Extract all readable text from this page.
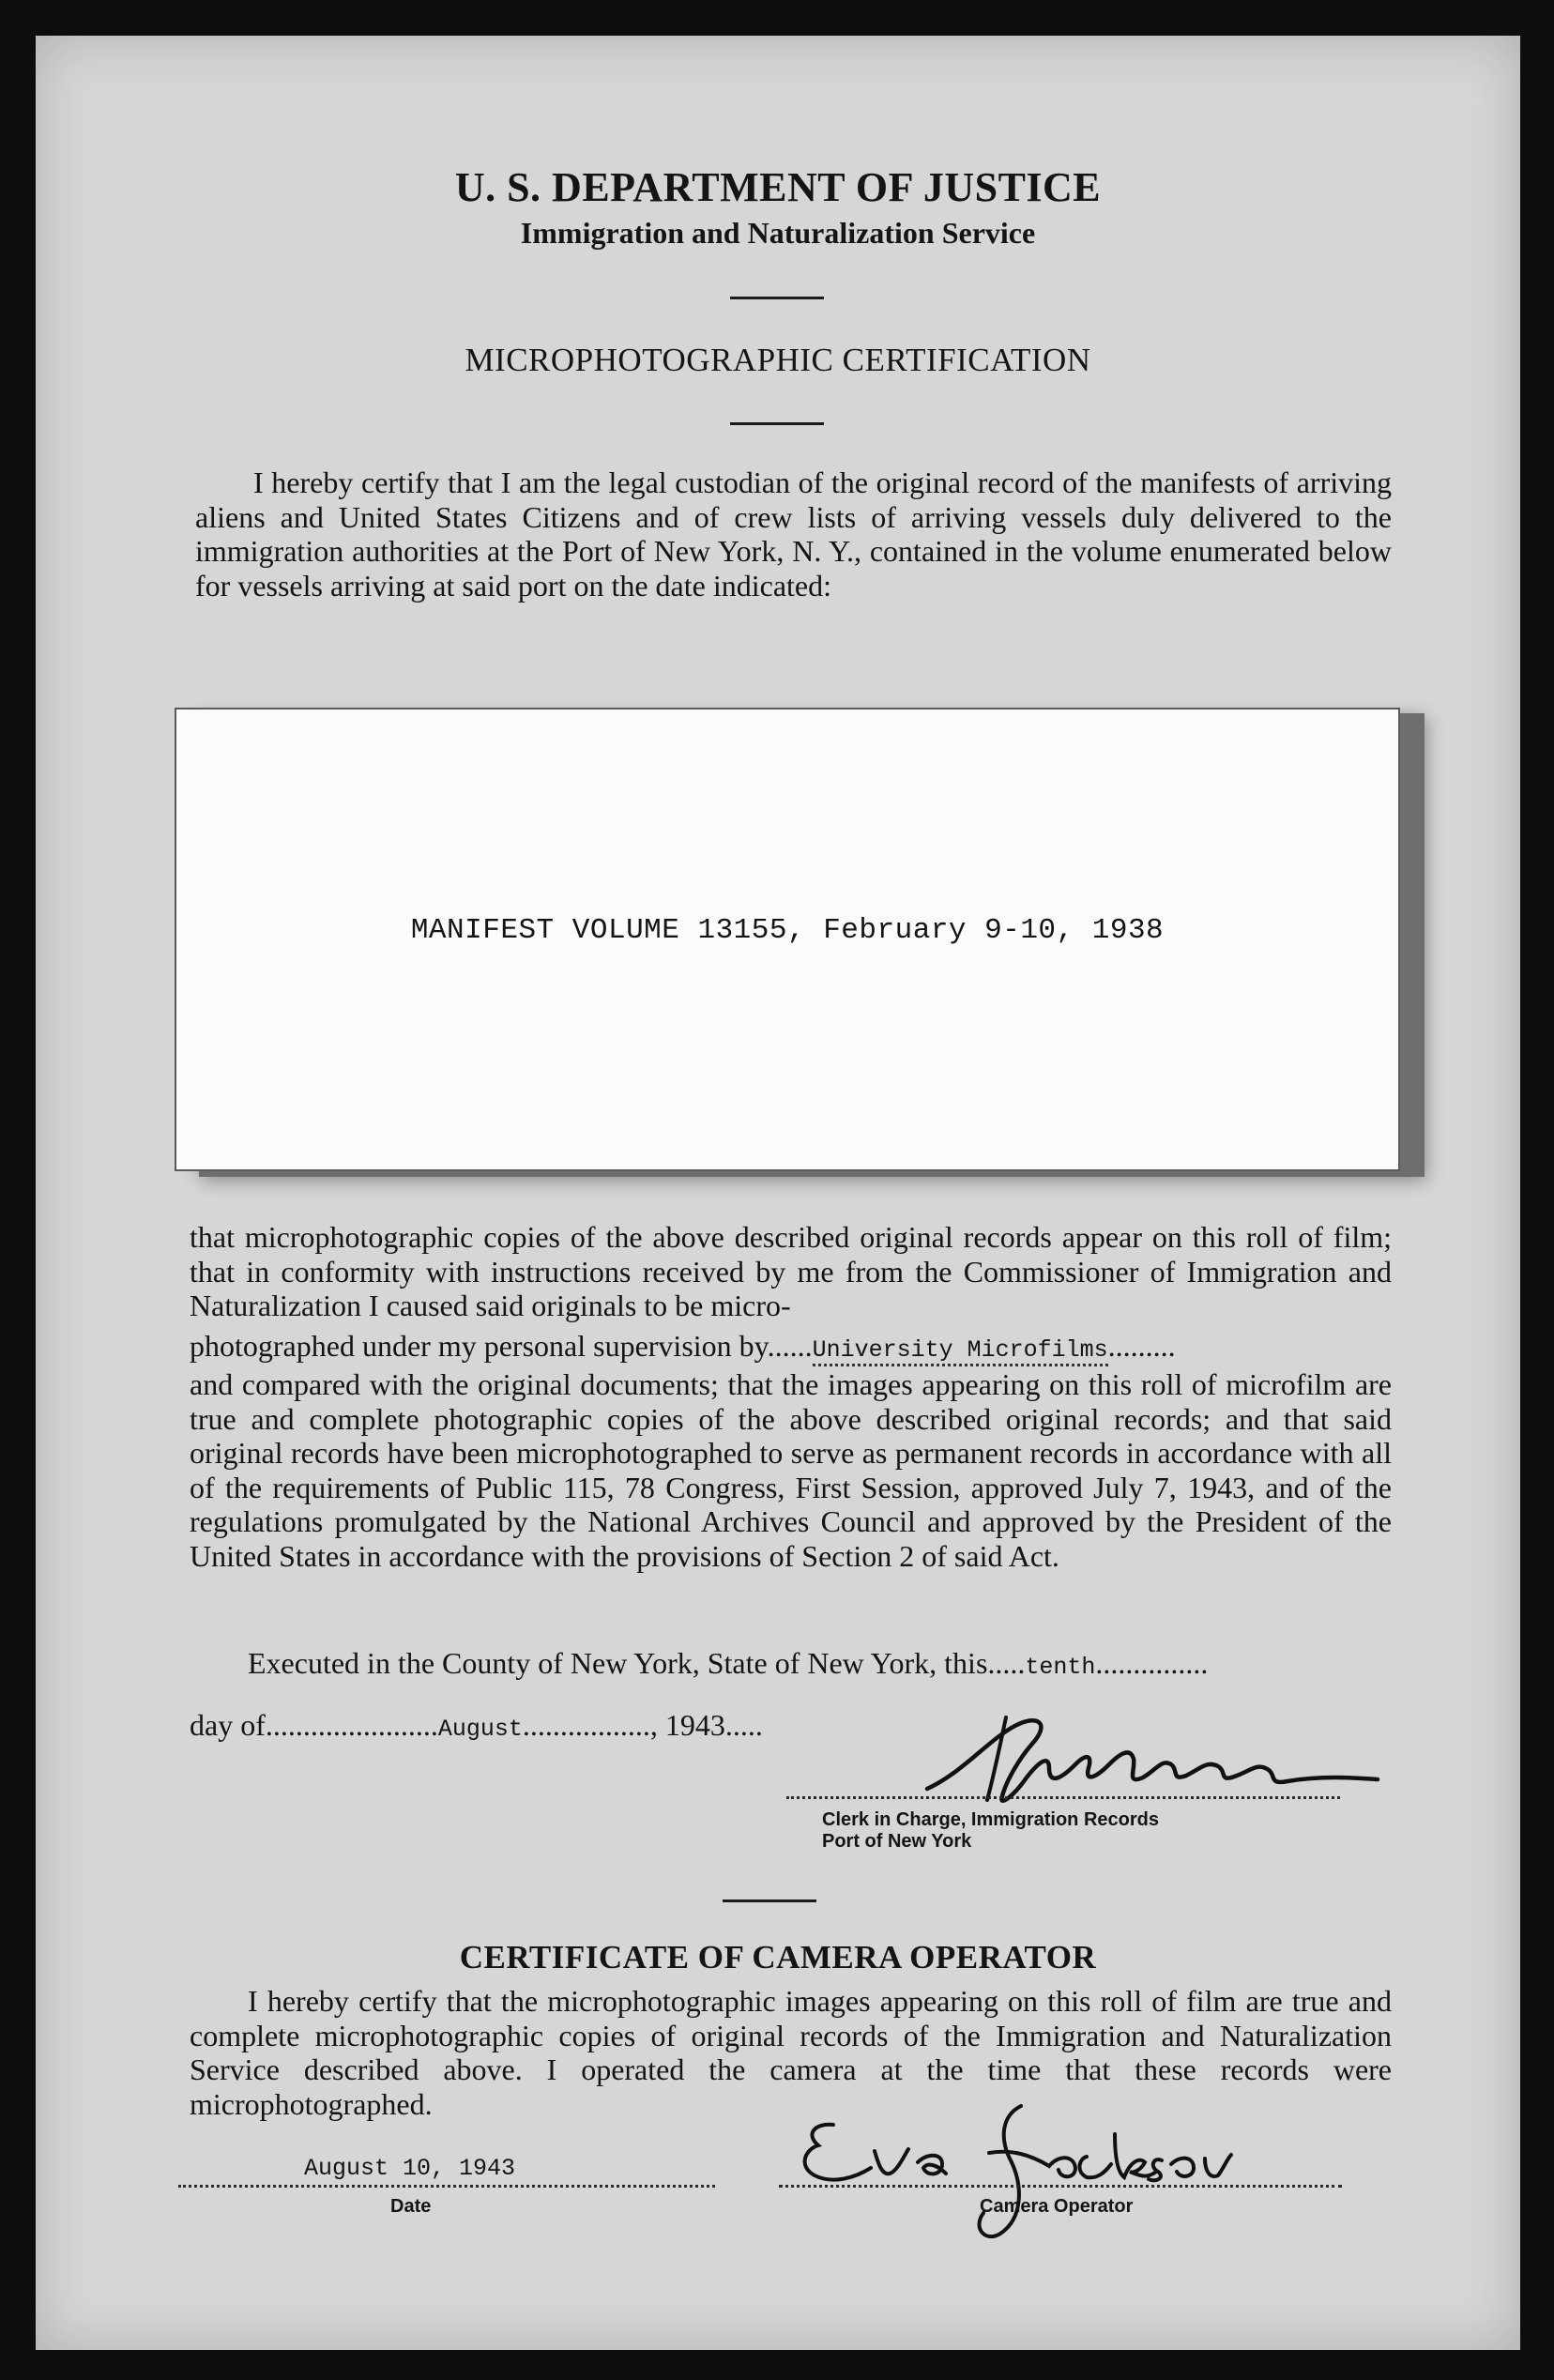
U. S. DEPARTMENT OF JUSTICE
Immigration and Naturalization Service
MICROPHOTOGRAPHIC CERTIFICATION

I hereby certify that I am the legal custodian of the original record of the manifests of arriving aliens and United States Citizens and of crew lists of arriving vessels duly delivered to the immigration authorities at the Port of New York, N. Y., contained in the volume enumerated below for vessels arriving at said port on the date indicated:

MANIFEST VOLUME 13155, February 9-10, 1938

that microphotographic copies of the above described original records appear on this roll of film; that in conformity with instructions received by me from the Commissioner of Immigration and Naturalization I caused said originals to be micro-

photographed under my personal supervision by......University Microfilms.........

and compared with the original documents; that the images appearing on this roll of microfilm are true and complete photographic copies of the above described original records; and that said original records have been microphotographed to serve as permanent records in accordance with all of the requirements of Public 115, 78 Congress, First Session, approved July 7, 1943, and of the regulations promulgated by the National Archives Council and approved by the President of the United States in accordance with the provisions of Section 2 of said Act.

Executed in the County of New York, State of New York, this.....tenth...............
day of.......................August................., 1943.....
Clerk in Charge, Immigration Records
Port of New York
CERTIFICATE OF CAMERA OPERATOR

I hereby certify that the microphotographic images appearing on this roll of film are true and complete microphotographic copies of original records of the Immigration and Naturalization Service described above. I operated the camera at the time that these records were microphotographed.

August 10, 1943
Date	Camera Operator
